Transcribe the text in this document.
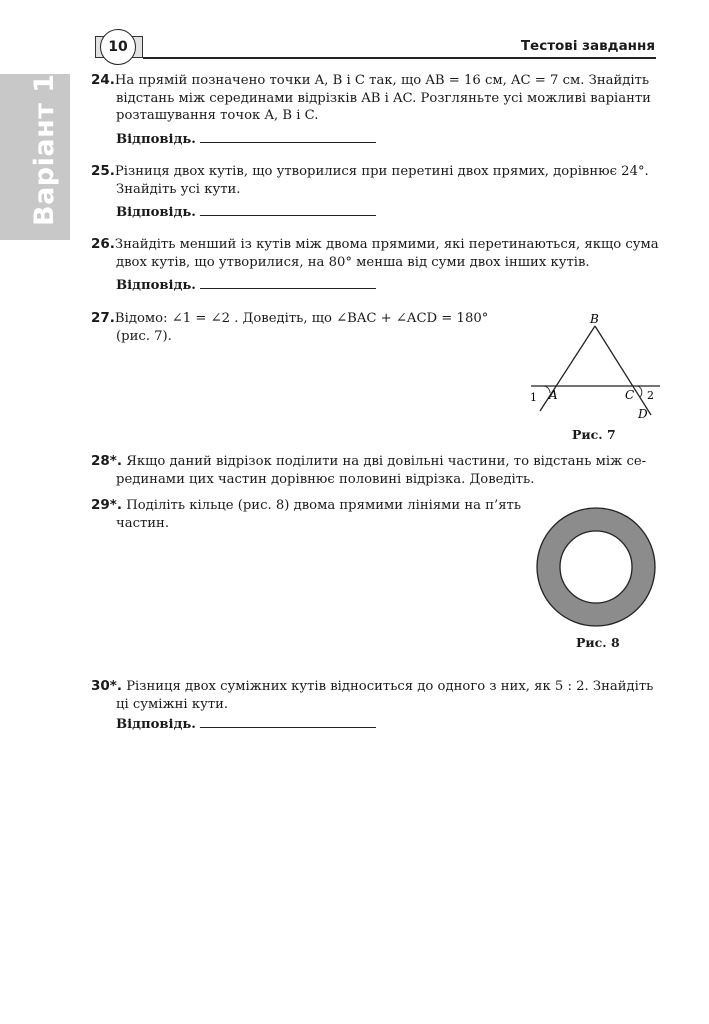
10	Тестові завдання
Варіант 1 24.На прямій позначено точки A, B і C так, що AB = 16 см, AC = 7 см. Знайдіть
відстань між серединами відрізків AB і AC. Розгляньте усі можливі варіанти
розташування точок A, B і C.
Відповідь.
25.Різниця двох кутів, що утворилися при перетині двох прямих, дорівнює 24°.
Знайдіть усі кути.
Відповідь.
26.Знайдіть менший із кутів між двома прямими, які перетинаються, якщо сума
двох кутів, що утворилися, на 80° менша від суми двох інших кутів.
Відповідь.
27.Відомо: ∠1 = ∠2 . Доведіть, що ∠BAC + ∠ACD = 180°
(рис. 7).
B
A	C
D
1	2
Рис. 7
28*. Якщо даний відрізок поділити на дві довільні частини, то відстань між се-
рединами цих частин дорівнює половині відрізка. Доведіть.
29*. Поділіть кільце (рис. 8) двома прямими лініями на п’ять
частин.
Рис. 8
30*. Різниця двох суміжних кутів відноситься до одного з них, як 5 : 2. Знайдіть
ці суміжні кути.
Відповідь.
